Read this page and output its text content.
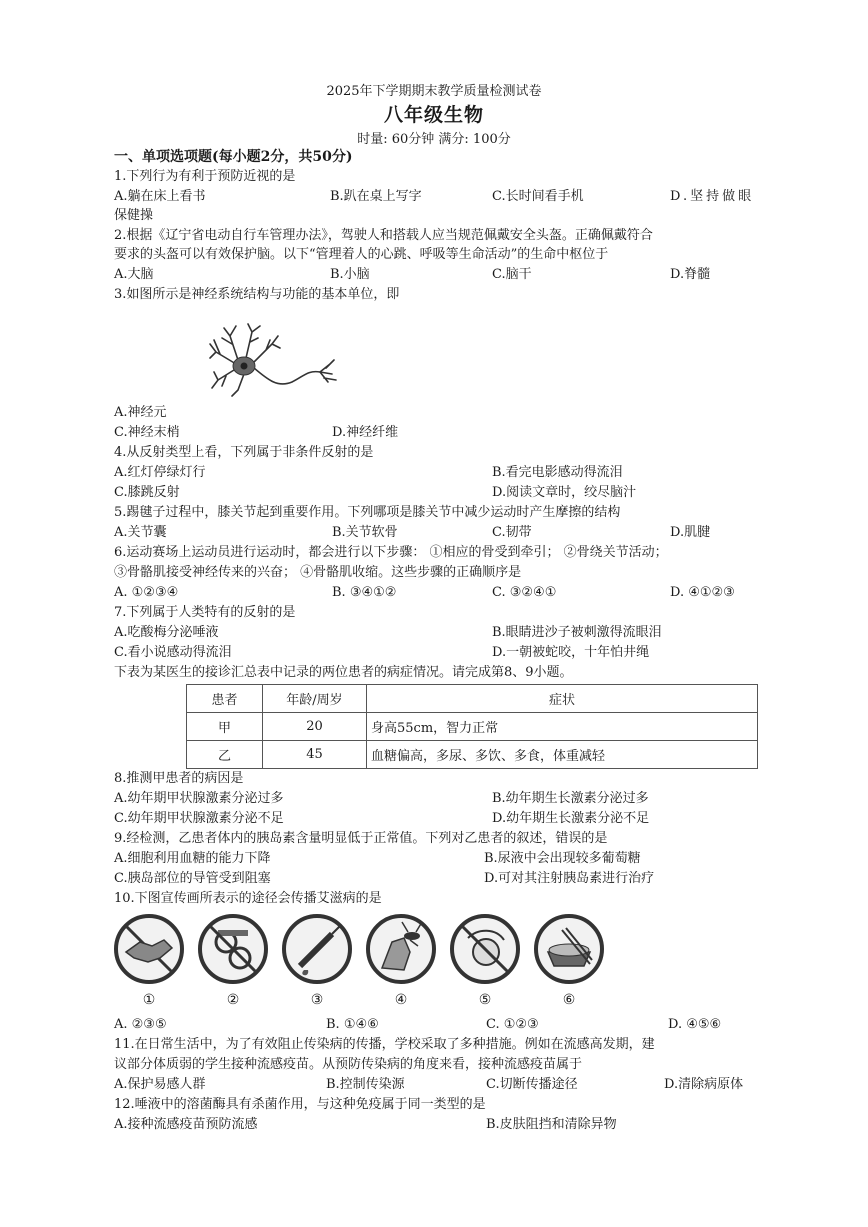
2025年下学期期末教学质量检测试卷
八年级生物
时量: 60分钟 满分: 100分
一、单项选项题(每小题2分，共50分)
1.下列行为有利于预防近视的是
A.躺在床上看书	B.趴在桌上写字	C.长时间看手机	D.坚持做眼
保健操
2.根据《辽宁省电动自行车管理办法》，驾驶人和搭载人应当规范佩戴安全头盔。正确佩戴符合
要求的头盔可以有效保护脑。以下“管理着人的心跳、呼吸等生命活动”的生命中枢位于
A.大脑	B.小脑	C.脑干	D.脊髓
3.如图所示是神经系统结构与功能的基本单位，即
A.神经元
C.神经末梢	D.神经纤维
4.从反射类型上看，下列属于非条件反射的是
A.红灯停绿灯行	B.看完电影感动得流泪
C.膝跳反射	D.阅读文章时，绞尽脑汁
5.踢毽子过程中，膝关节起到重要作用。下列哪项是膝关节中减少运动时产生摩擦的结构
A.关节囊	B.关节软骨	C.韧带	D.肌腱
6.运动赛场上运动员进行运动时，都会进行以下步骤： ①相应的骨受到牵引； ②骨绕关节活动；
③骨骼肌接受神经传来的兴奋； ④骨骼肌收缩。这些步骤的正确顺序是
A. ①②③④	B. ③④①②	C. ③②④①	D. ④①②③
7.下列属于人类特有的反射的是
A.吃酸梅分泌唾液	B.眼睛进沙子被刺激得流眼泪
C.看小说感动得流泪	D.一朝被蛇咬，十年怕井绳
下表为某医生的接诊汇总表中记录的两位患者的病症情况。请完成第8、9小题。
患者	年龄/周岁	症状
甲	20	身高55cm，智力正常
乙	45	血糖偏高，多尿、多饮、多食，体重减轻
8.推测甲患者的病因是
A.幼年期甲状腺激素分泌过多	B.幼年期生长激素分泌过多
C.幼年期甲状腺激素分泌不足	D.幼年期生长激素分泌不足
9.经检测，乙患者体内的胰岛素含量明显低于正常值。下列对乙患者的叙述，错误的是
A.细胞利用血糖的能力下降	B.尿液中会出现较多葡萄糖
C.胰岛部位的导管受到阻塞	D.可对其注射胰岛素进行治疗
10.下图宣传画所表示的途径会传播艾滋病的是
①	②	③	④	⑤	⑥
A. ②③⑤	B. ①④⑥	C. ①②③	D. ④⑤⑥
11.在日常生活中，为了有效阻止传染病的传播，学校采取了多种措施。例如在流感高发期，建
议部分体质弱的学生接种流感疫苗。从预防传染病的角度来看，接种流感疫苗属于
A.保护易感人群	B.控制传染源	C.切断传播途径	D.清除病原体
12.唾液中的溶菌酶具有杀菌作用，与这种免疫属于同一类型的是
A.接种流感疫苗预防流感	B.皮肤阻挡和清除异物
